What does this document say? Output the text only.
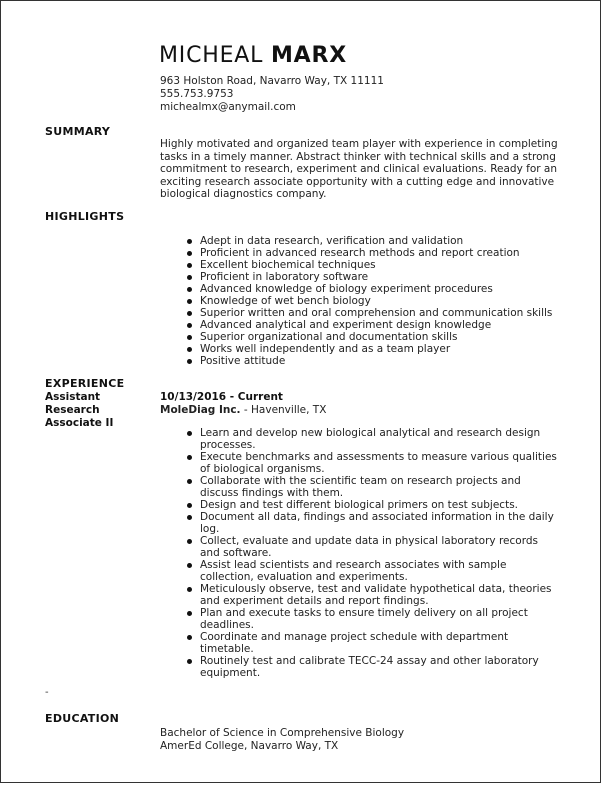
MICHEAL MARX
963 Holston Road, Navarro Way, TX 11111
555.753.9753
michealmx@anymail.com
SUMMARY
Highly motivated and organized team player with experience in completing tasks in a timely manner. Abstract thinker with technical skills and a strong commitment to research, experiment and clinical evaluations. Ready for an exciting research associate opportunity with a cutting edge and innovative biological diagnostics company.
HIGHLIGHTS
Adept in data research, verification and validation
Proficient in advanced research methods and report creation
Excellent biochemical techniques
Proficient in laboratory software
Advanced knowledge of biology experiment procedures
Knowledge of wet bench biology
Superior written and oral comprehension and communication skills
Advanced analytical and experiment design knowledge
Superior organizational and documentation skills
Works well independently and as a team player
Positive attitude
EXPERIENCE
Assistant Research Associate II
10/13/2016 - Current
MoleDiag Inc. - Havenville, TX
Learn and develop new biological analytical and research design processes.
Execute benchmarks and assessments to measure various qualities of biological organisms.
Collaborate with the scientific team on research projects and discuss findings with them.
Design and test different biological primers on test subjects.
Document all data, findings and associated information in the daily log.
Collect, evaluate and update data in physical laboratory records and software.
Assist lead scientists and research associates with sample collection, evaluation and experiments.
Meticulously observe, test and validate hypothetical data, theories and experiment details and report findings.
Plan and execute tasks to ensure timely delivery on all project deadlines.
Coordinate and manage project schedule with department timetable.
Routinely test and calibrate TECC-24 assay and other laboratory equipment.
-
EDUCATION
Bachelor of Science in Comprehensive Biology
AmerEd College, Navarro Way, TX
